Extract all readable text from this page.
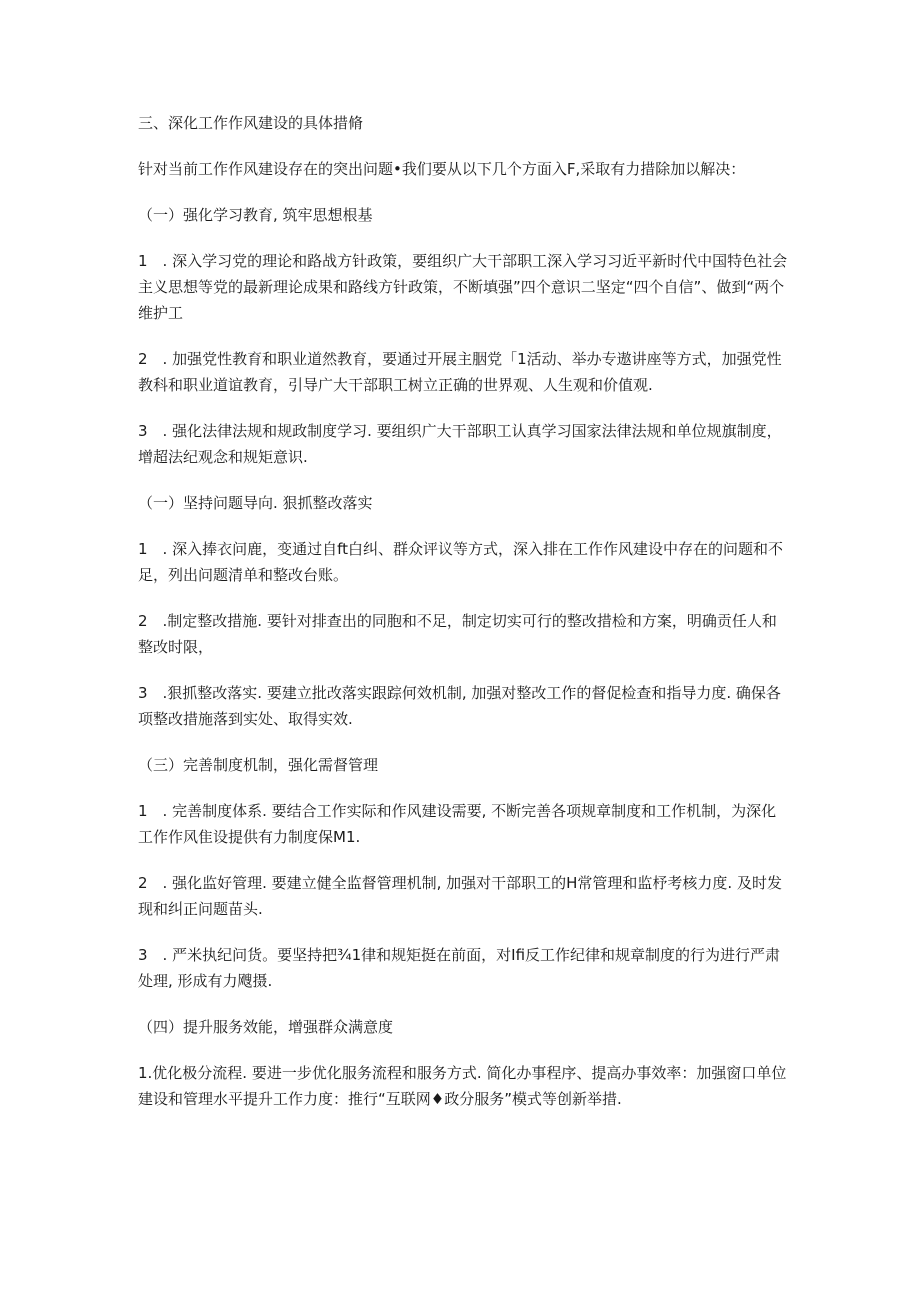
三、深化工作作风建设的具体措脩

针对当前工作作风建设存在的突出问题•我们要从以下几个方面入F,采取有力措除加以解决：

（一）强化学习教育, 筑牢思想根基

1　. 深入学习党的理论和路战方针政策，要组织广大干部职工深入学习习近平新时代中国特色社会主义思想等党的最新理论成果和路线方针政策，不断填强”四个意识二坚定“四个自信”、做到“两个维护工

2　. 加强党性教育和职业道然教育，要通过开展主胭党「1活动、举办专遨讲座等方式，加强党性教科和职业道谊教育，引导广大干部职工树立正确的世界观、人生观和价值观.

3　. 强化法律法规和规政制度学习. 要组织广大干部职工认真学习国家法律法规和单位规旗制度，增超法纪观念和规矩意识.

（一）坚持问题导向. 狠抓整改落实

1　. 深入捧衣问鹿，变通过自ft白纠、群众评议等方式，深入排在工作作风建设中存在的问题和不足，列出问题清单和整改台账。

2　.制定整改措施. 要针对排查出的同胞和不足，制定切实可行的整改措检和方案，明确贡任人和整改时限，

3　.狠抓整改落实. 要建立批改落实跟踪何效机制, 加强对整改工作的督促检查和指导力度. 确保各项整改措施落到实处、取得实效.

（三）完善制度机制，强化需督管理

1　. 完善制度体系. 要结合工作实际和作风建设需要, 不断完善各项规章制度和工作机制，为深化工作作风隹设提供有力制度保M1.

2　. 强化监好管理. 要建立健全监督管理机制, 加强对干部职工的H常管理和监杼考核力度. 及时发现和纠正问题苗头.

3　. 严米执纪问货。要坚持把¾1律和规矩挺在前面，对Ifi反工作纪律和规章制度的行为进行严肃处理, 形成有力飕摄.

（四）提升服务效能，增强群众满意度

1.优化极分流程. 要进一步优化服务流程和服务方式. 简化办事程序、提高办事效率：加强窗口单位建设和管理水平提升工作力度：推行“互联网♦政分服务”模式等创新举措.
